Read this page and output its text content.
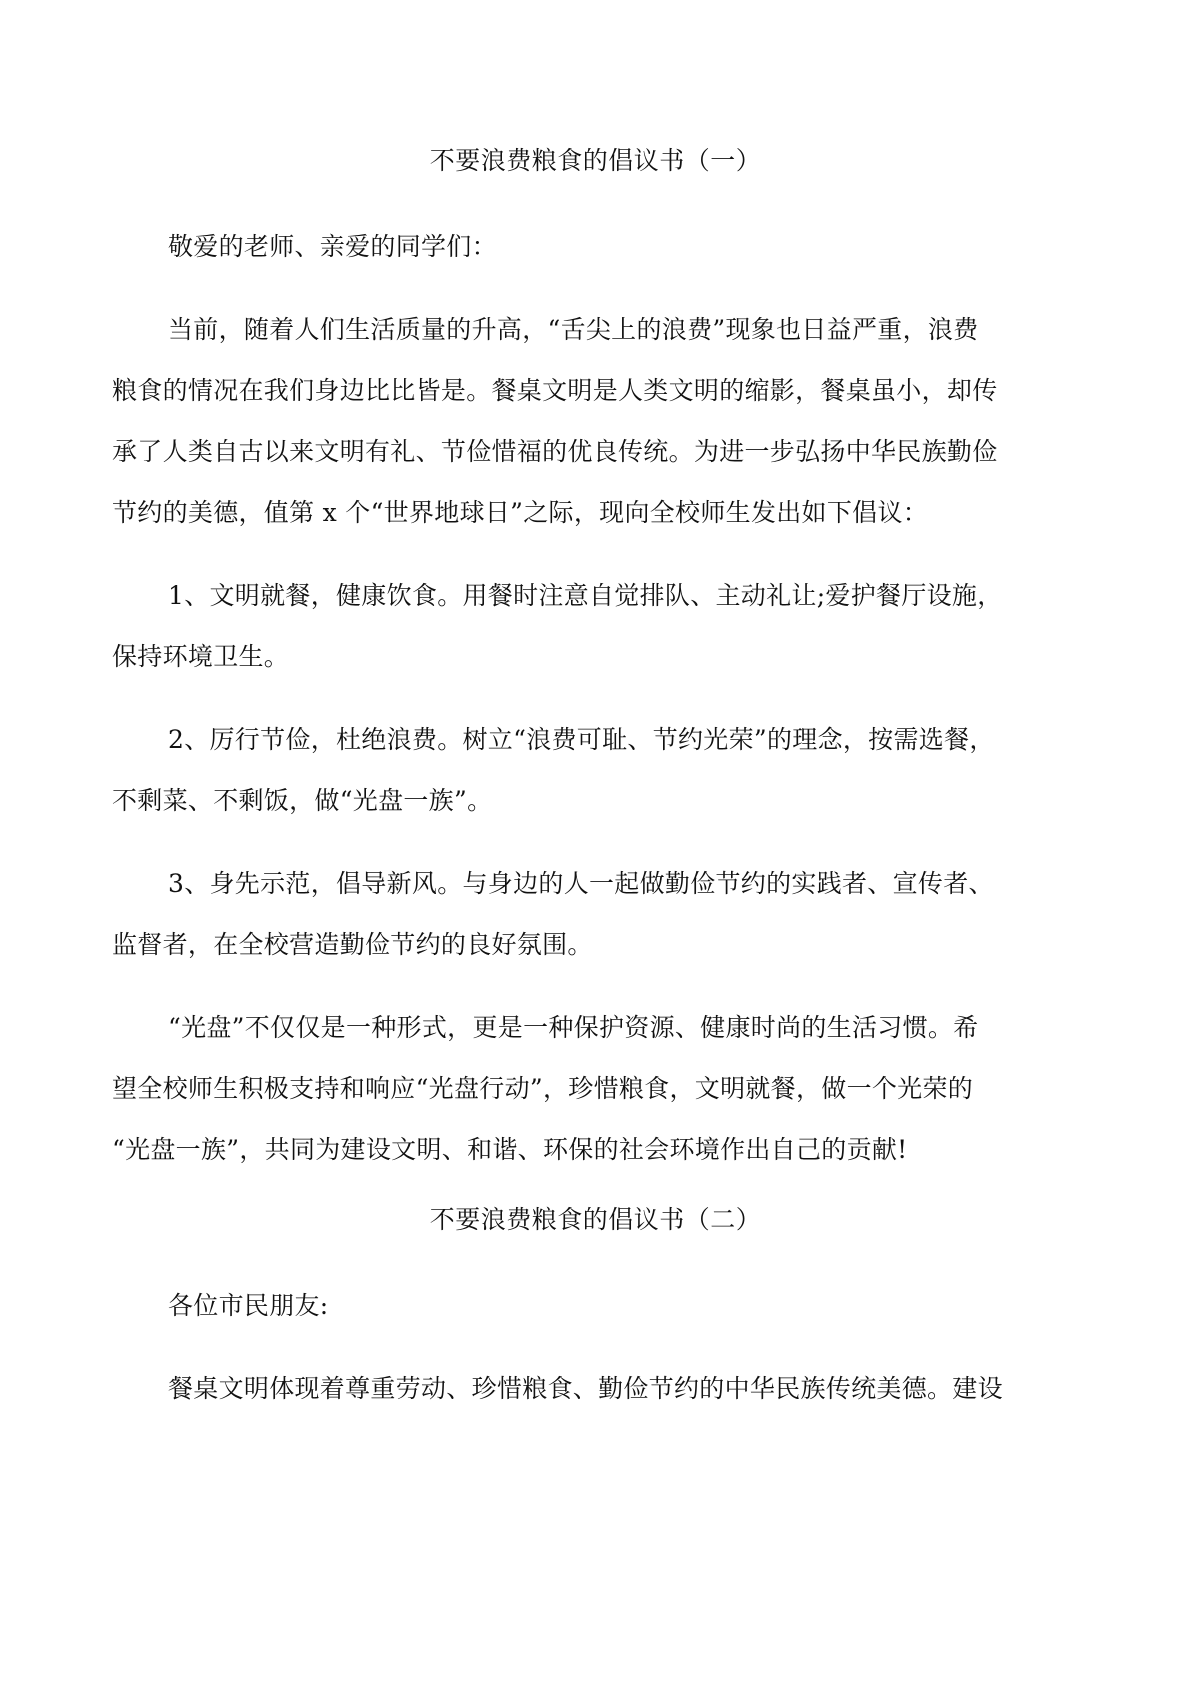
不要浪费粮食的倡议书（一）
敬爱的老师、亲爱的同学们：
当前，随着人们生活质量的升高，“舌尖上的浪费”现象也日益严重，浪费
粮食的情况在我们身边比比皆是。餐桌文明是人类文明的缩影，餐桌虽小，却传
承了人类自古以来文明有礼、节俭惜福的优良传统。为进一步弘扬中华民族勤俭
节约的美德，值第 x 个“世界地球日”之际，现向全校师生发出如下倡议：
1、文明就餐，健康饮食。用餐时注意自觉排队、主动礼让;爱护餐厅设施，
保持环境卫生。
2、厉行节俭，杜绝浪费。树立“浪费可耻、节约光荣”的理念，按需选餐，
不剩菜、不剩饭，做“光盘一族”。
3、身先示范，倡导新风。与身边的人一起做勤俭节约的实践者、宣传者、
监督者，在全校营造勤俭节约的良好氛围。
“光盘”不仅仅是一种形式，更是一种保护资源、健康时尚的生活习惯。希
望全校师生积极支持和响应“光盘行动”，珍惜粮食，文明就餐，做一个光荣的
“光盘一族”，共同为建设文明、和谐、环保的社会环境作出自己的贡献!
不要浪费粮食的倡议书（二）
各位市民朋友:
餐桌文明体现着尊重劳动、珍惜粮食、勤俭节约的中华民族传统美德。建设
